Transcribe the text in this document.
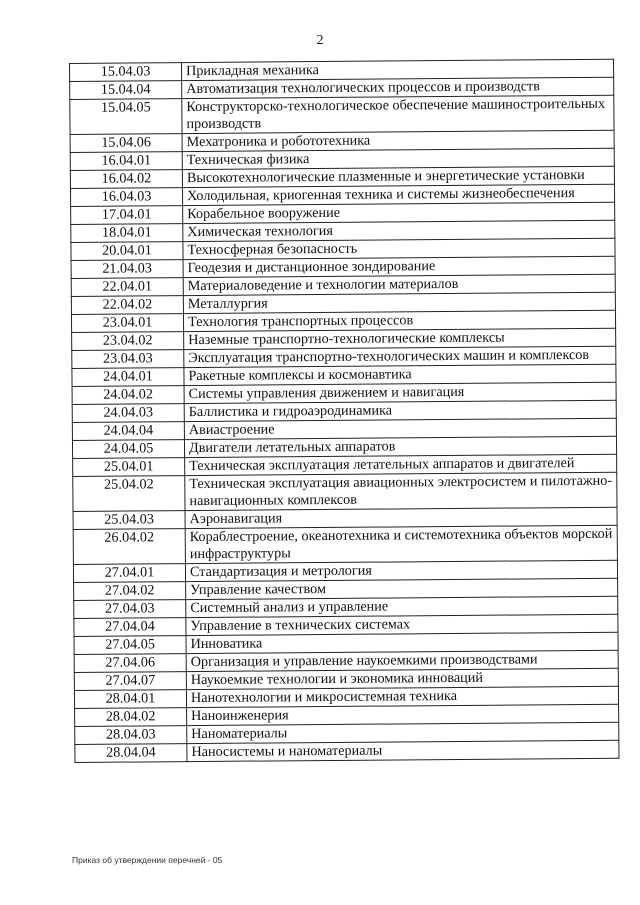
2
15.04.03	Прикладная механика
15.04.04	Автоматизация технологических процессов и производств
15.04.05	Конструкторско-технологическое обеспечение машиностроительных производств
15.04.06	Мехатроника и робототехника
16.04.01	Техническая физика
16.04.02	Высокотехнологические плазменные и энергетические установки
16.04.03	Холодильная, криогенная техника и системы жизнеобеспечения
17.04.01	Корабельное вооружение
18.04.01	Химическая технология
20.04.01	Техносферная безопасность
21.04.03	Геодезия и дистанционное зондирование
22.04.01	Материаловедение и технологии материалов
22.04.02	Металлургия
23.04.01	Технология транспортных процессов
23.04.02	Наземные транспортно-технологические комплексы
23.04.03	Эксплуатация транспортно-технологических машин и комплексов
24.04.01	Ракетные комплексы и космонавтика
24.04.02	Системы управления движением и навигация
24.04.03	Баллистика и гидроаэродинамика
24.04.04	Авиастроение
24.04.05	Двигатели летательных аппаратов
25.04.01	Техническая эксплуатация летательных аппаратов и двигателей
25.04.02	Техническая эксплуатация авиационных электросистем и пилотажно-навигационных комплексов
25.04.03	Аэронавигация
26.04.02	Кораблестроение, океанотехника и системотехника объектов морской инфраструктуры
27.04.01	Стандартизация и метрология
27.04.02	Управление качеством
27.04.03	Системный анализ и управление
27.04.04	Управление в технических системах
27.04.05	Инноватика
27.04.06	Организация и управление наукоемкими производствами
27.04.07	Наукоемкие технологии и экономика инноваций
28.04.01	Нанотехнологии и микросистемная техника
28.04.02	Наноинженерия
28.04.03	Наноматериалы
28.04.04	Наносистемы и наноматериалы
Приказ об утверждении перечней - 05
